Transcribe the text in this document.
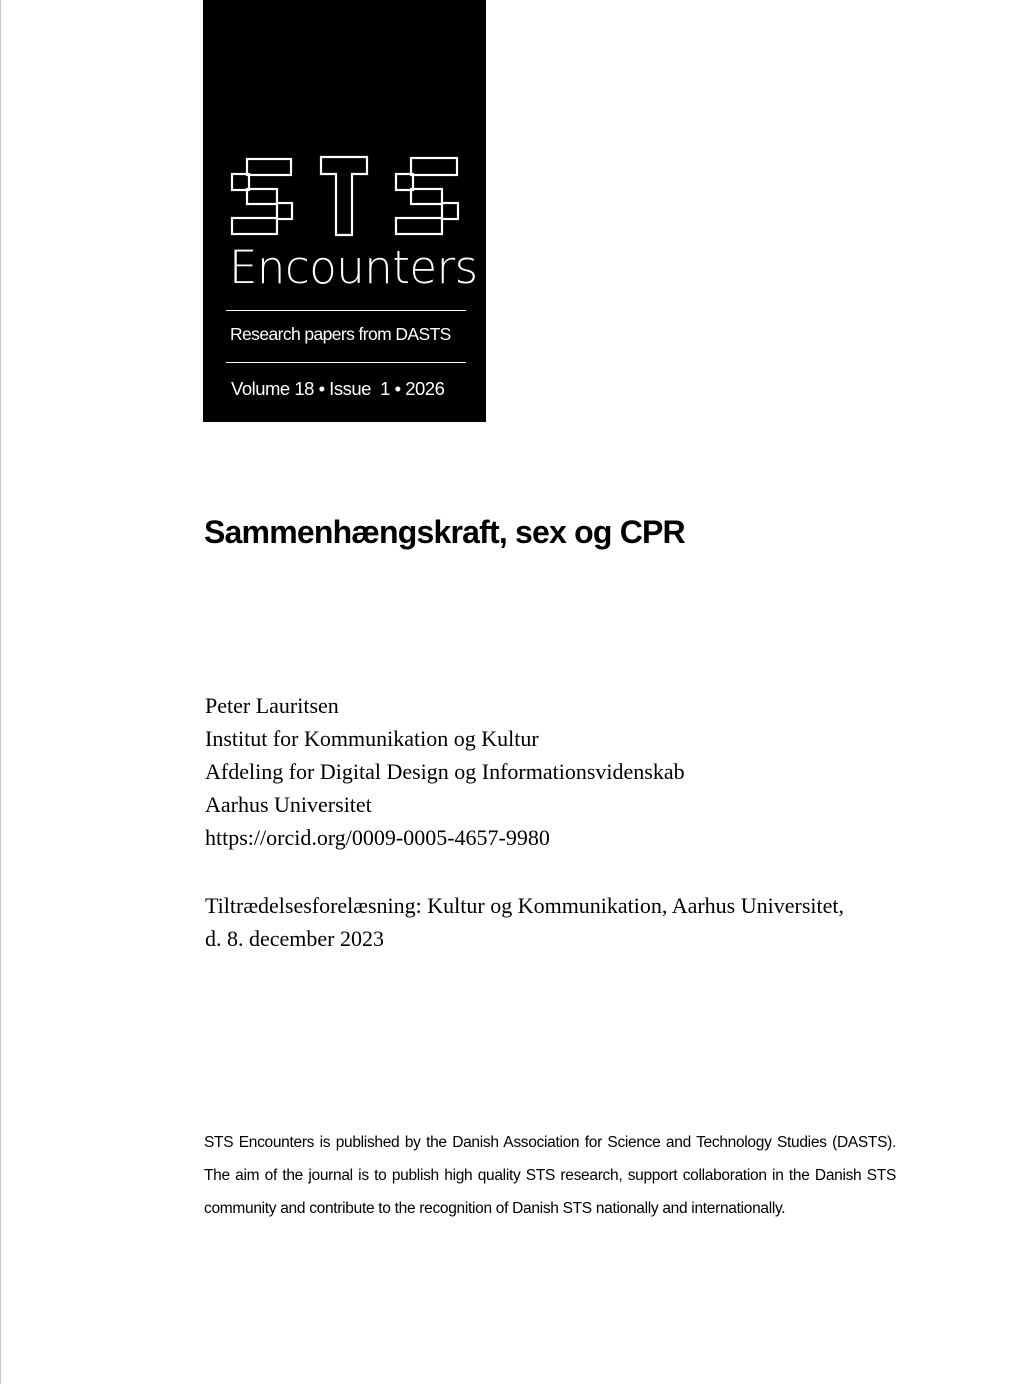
Encounters
Research papers from DASTS
Volume 18 • Issue  1 • 2026
Sammenhængskraft, sex og CPR
Peter Lauritsen
Institut for Kommunikation og Kultur
Afdeling for Digital Design og Informationsvidenskab
Aarhus Universitet
https://orcid.org/0009-0005-4657-9980
Tiltrædelsesforelæsning: Kultur og Kommunikation, Aarhus Universitet, d. 8. december 2023
STS Encounters is published by the Danish Association for Science and Technology Studies (DASTS). The aim of the journal is to publish high quality STS research, support collaboration in the Danish STS community and contribute to the recognition of Danish STS nationally and internationally.
